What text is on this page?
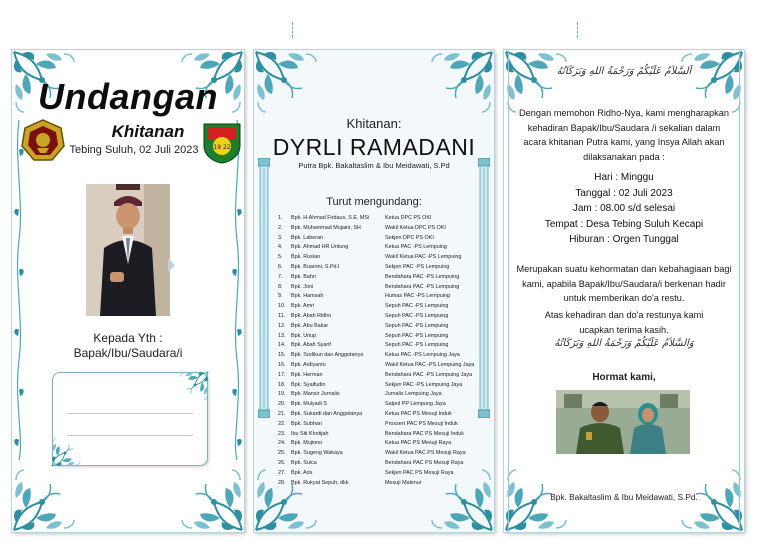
Undangan
Khitanan
Tebing Suluh, 02 Juli 2023 19 22
Kepada Yth :
Bapak/Ibu/Saudara/i
Khitanan:
DYRLI RAMADANI
Putra Bpk. Bakaltaslim & Ibu Meidawati, S.Pd
Turut mengundang:
1.	Bpk. H.Ahmad Firdaus, S.E. MSi	Ketua DPC PS OKI
2.	Bpk. Muhammad Mujaini, SH	Wakil Ketua DPC PS OKI
3.	Bpk. Laberan	Sekjen DPC PS OKI
4.	Bpk. Ahmad HR Untung	Ketua PAC -PS Lempuing
5.	Bpk. Ruslan	Wakil Ketua PAC -PS Lempuing
6.	Bpk. Buaroni, S.Pd.I	Sekjen PAC -PS Lempuing
7.	Bpk. Bahri	Bendahara PAC -PS Lempuing
8.	Bpk. Joni	Bendahara PAC -PS Lempuing
9.	Bpk. Hamsah	Humas PAC -PS Lempuing
10.	Bpk. Amri	Sepuh PAC -PS Lempuing
11.	Bpk. Abah Ridho	Sepuh PAC -PS Lempuing
12.	Bpk. Abu Bakar	Sepuh PAC -PS Lempuing
13.	Bpk. Unup	Sepuh PAC -PS Lempuing
14.	Bpk. Abah Syarif	Sepuh PAC -PS Lempuing
15.	Bpk. Sodikun dan Anggotanya	Ketua PAC -PS Lempuing Jaya
16.	Bpk. Ardiyanto	Wakil Ketua PAC -PS Lempuing Jaya
17.	Bpk. Herman	Bendahara PAC -PS Lempuing Jaya
18.	Bpk. Syaifudin	Sekjen PAC -PS Lempuing Jaya
19.	Bpk. Mansir Jurnalis	Jurnalis Lempuing Jaya
20.	Bpk. Mulyadi S	Satpol PP Lempung Jaya
21.	Bpk. Sukardi dan Anggotanya	Ketua PAC PS Mesuji Induk
22.	Bpk. Subhan	Proxsert PAC PS Mesuji Induk
23.	Ibu Siti Khotijah	Bendahara PAC PS Mesuji Induk
24.	Bpk. Mujiono	Ketua PAC PS Mesuji Raya
25.	Bpk. Sugeng Wakaya	Wakil Ketua PAC PS Mesuji Raya
26.	Bpk. Suica	Bendahara PAC PS Mesuji Raya
27.	Bpk. Aris	Sekjen PAC PS Mesuji Raya
28.	Bpk. Rukyat Sepuh, dkk	Mesuji Makmur
اَلسَّلاَمُ عَلَيْكُمْ وَرَحْمَةُ اللهِ وَبَرَكَاتُهُ
Dengan memohon Ridho-Nya, kami mengharapkan kehadiran Bapak/Ibu/Saudara /i sekalian dalam acara khitanan Putra kami, yang Insya Allah akan dilaksanakan pada :
Hari : Minggu
Tanggal : 02 Juli 2023
Jam : 08.00 s/d selesai
Tempat : Desa Tebing Suluh Kecapi
Hiburan : Orgen Tunggal
Merupakan suatu kehormatan dan kebahagiaan bagi kami, apabila Bapak/Ibu/Saudara/i berkenan hadir untuk memberikan do'a restu.
Atas kehadiran dan do'a restunya kami ucapkan terima kasih.
وَالسَّلاَمُ عَلَيْكُمْ وَرَحْمَةُ اللهِ وَبَرَكَاتُهُ
Hormat kami,
Bpk. Bakaltaslim & Ibu Meidawati, S.Pd.
